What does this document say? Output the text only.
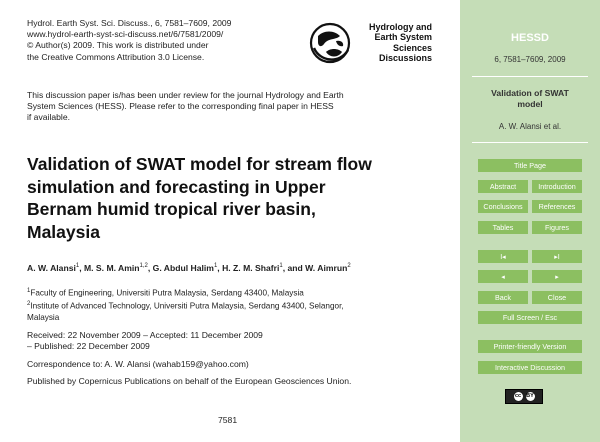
Hydrol. Earth Syst. Sci. Discuss., 6, 7581–7609, 2009
www.hydrol-earth-syst-sci-discuss.net/6/7581/2009/
© Author(s) 2009. This work is distributed under
the Creative Commons Attribution 3.0 License.
Hydrology and
Earth System
Sciences
Discussions
This discussion paper is/has been under review for the journal Hydrology and Earth
System Sciences (HESS). Please refer to the corresponding final paper in HESS
if available.
Validation of SWAT model for stream flow
simulation and forecasting in Upper
Bernam humid tropical river basin,
Malaysia
A. W. Alansi$^1$, M. S. M. Amin$^{1,2}$, G. Abdul Halim$^1$, H. Z. M. Shafri$^1$, and W. Aimrun$^2$
$^1$Faculty of Engineering, Universiti Putra Malaysia, Serdang 43400, Malaysia
$^2$Institute of Advanced Technology, Universiti Putra Malaysia, Serdang 43400, Selangor,
Malaysia
Received: 22 November 2009 – Accepted: 11 December 2009
– Published: 22 December 2009
Correspondence to: A. W. Alansi (wahab159@yahoo.com)
Published by Copernicus Publications on behalf of the European Geosciences Union.
7581
HESSD
6, 7581–7609, 2009
Validation of SWAT
model
A. W. Alansi et al.
Title Page
Abstract	Introduction
Conclusions	References
Tables	Figures
I◂	▸I
◂	▸
Back	Close
Full Screen / Esc
Printer-friendly Version
Interactive Discussion
cc BY
